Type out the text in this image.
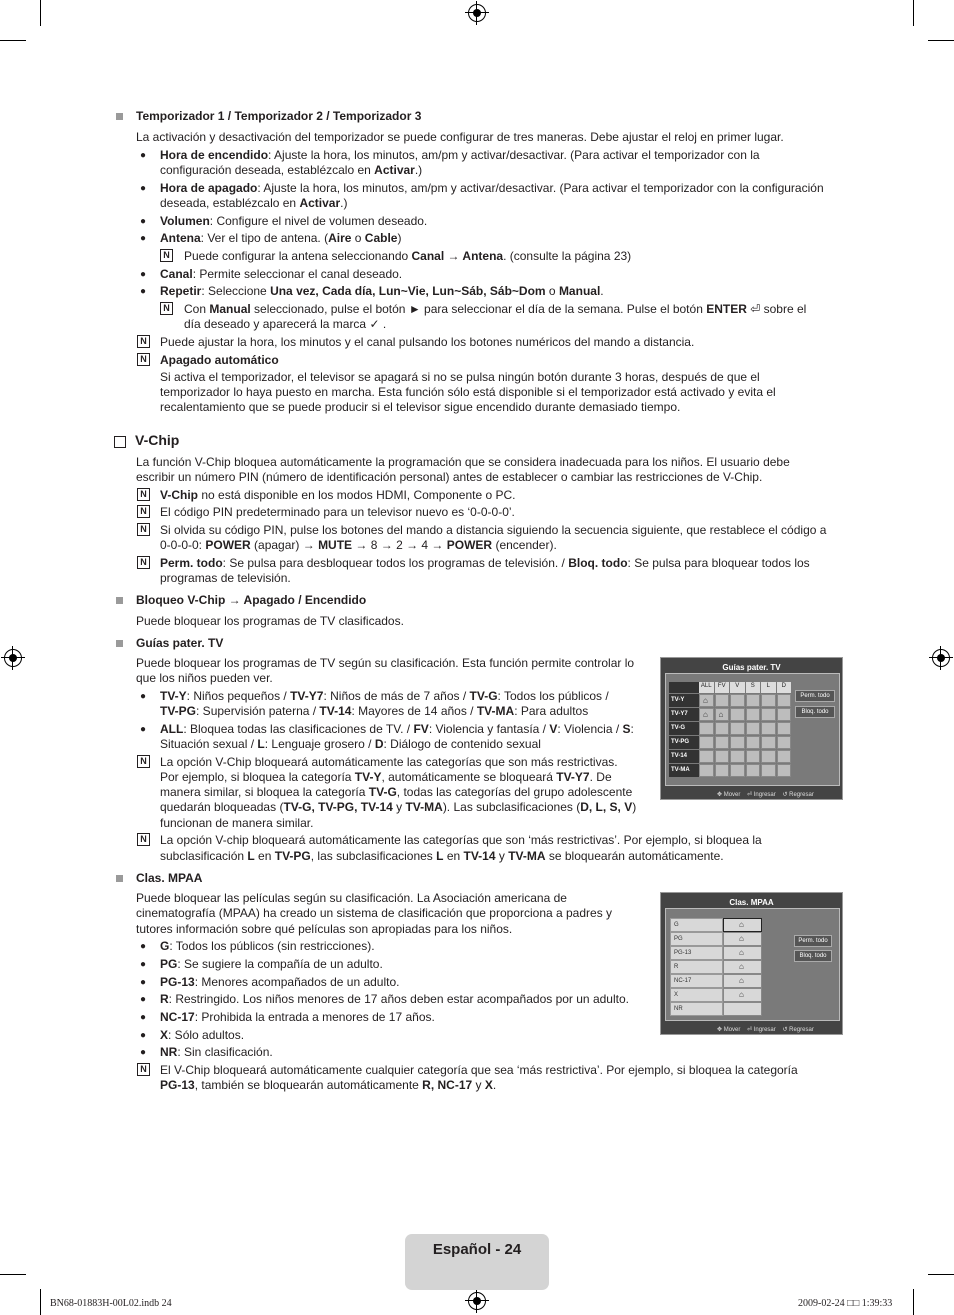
Temporizador 1 / Temporizador 2 / Temporizador 3
La activación y desactivación del temporizador se puede configurar de tres maneras. Debe ajustar el reloj en primer lugar.
● Hora de encendido: Ajuste la hora, los minutos, am/pm y activar/desactivar. (Para activar el temporizador con la
configuración deseada, establézcalo en Activar.)
● Hora de apagado: Ajuste la hora, los minutos, am/pm y activar/desactivar. (Para activar el temporizador con la configuración
deseada, establézcalo en Activar.)
● Volumen: Configure el nivel de volumen deseado.
● Antena: Ver el tipo de antena. (Aire o Cable)
N Puede configurar la antena seleccionando Canal → Antena. (consulte la página 23)
● Canal: Permite seleccionar el canal deseado.
● Repetir: Seleccione Una vez, Cada día, Lun~Vie, Lun~Sáb, Sáb~Dom o Manual.
N Con Manual seleccionado, pulse el botón ► para seleccionar el día de la semana. Pulse el botón ENTER ⏎ sobre el
día deseado y aparecerá la marca ✓ .
N Puede ajustar la hora, los minutos y el canal pulsando los botones numéricos del mando a distancia.
N Apagado automático
Si activa el temporizador, el televisor se apagará si no se pulsa ningún botón durante 3 horas, después de que el
temporizador lo haya puesto en marcha. Esta función sólo está disponible si el temporizador está activado y evita el
recalentamiento que se puede producir si el televisor sigue encendido durante demasiado tiempo.
V-Chip
La función V-Chip bloquea automáticamente la programación que se considera inadecuada para los niños. El usuario debe
escribir un número PIN (número de identificación personal) antes de establecer o cambiar las restricciones de V-Chip.
N V-Chip no está disponible en los modos HDMI, Componente o PC.
N El código PIN predeterminado para un televisor nuevo es ‘0-0-0-0’.
N Si olvida su código PIN, pulse los botones del mando a distancia siguiendo la secuencia siguiente, que restablece el código a
0-0-0-0: POWER (apagar) → MUTE → 8 → 2 → 4 → POWER (encender).
N Perm. todo: Se pulsa para desbloquear todos los programas de televisión. / Bloq. todo: Se pulsa para bloquear todos los
programas de televisión.
Bloqueo V-Chip → Apagado / Encendido
Puede bloquear los programas de TV clasificados.
Guías pater. TV
Puede bloquear los programas de TV según su clasificación. Esta función permite controlar lo
que los niños pueden ver.
● TV-Y: Niños pequeños / TV-Y7: Niños de más de 7 años / TV-G: Todos los públicos /
TV-PG: Supervisión paterna / TV-14: Mayores de 14 años / TV-MA: Para adultos
● ALL: Bloquea todas las clasificaciones de TV. / FV: Violencia y fantasía / V: Violencia / S:
Situación sexual / L: Lenguaje grosero / D: Diálogo de contenido sexual
N La opción V-Chip bloqueará automáticamente las categorías que son más restrictivas.
Por ejemplo, si bloquea la categoría TV-Y, automáticamente se bloqueará TV-Y7. De
manera similar, si bloquea la categoría TV-G, todas las categorías del grupo adolescente
quedarán bloqueadas (TV-G, TV-PG, TV-14 y TV-MA). Las subclasificaciones (D, L, S, V)
funcionan de manera similar.
N La opción V-chip bloqueará automáticamente las categorías que son ‘más restrictivas’. Por ejemplo, si bloquea la
subclasificación L en TV-PG, las subclasificaciones L en TV-14 y TV-MA se bloquearán automáticamente.
Guías pater. TV
ALL	FV	V	S	L	D
TV-Y	⌂
TV-Y7	⌂ ⌂
TV-G
TV-PG
TV-14
TV-MA
Perm. todo
Bloq. todo
✥ Mover ⏎ Ingresar ↺ Regresar
Clas. MPAA
Puede bloquear las películas según su clasificación. La Asociación americana de
cinematografía (MPAA) ha creado un sistema de clasificación que proporciona a padres y
tutores información sobre qué películas son apropiadas para los niños.
● G: Todos los públicos (sin restricciones).
● PG: Se sugiere la compañía de un adulto.
● PG-13: Menores acompañados de un adulto.
● R: Restringido. Los niños menores de 17 años deben estar acompañados por un adulto.
● NC-17: Prohibida la entrada a menores de 17 años.
● X: Sólo adultos.
● NR: Sin clasificación.
N El V-Chip bloqueará automáticamente cualquier categoría que sea ‘más restrictiva’. Por ejemplo, si bloquea la categoría
PG-13, también se bloquearán automáticamente R, NC-17 y X.
Clas. MPAA
G	⌂
PG	⌂
PG-13	⌂
R	⌂
NC-17	⌂
X	⌂
NR
Perm. todo
Bloq. todo
✥ Mover ⏎ Ingresar ↺ Regresar
Español - 24
BN68-01883H-00L02.indb 24	2009-02-24 □□ 1:39:33
